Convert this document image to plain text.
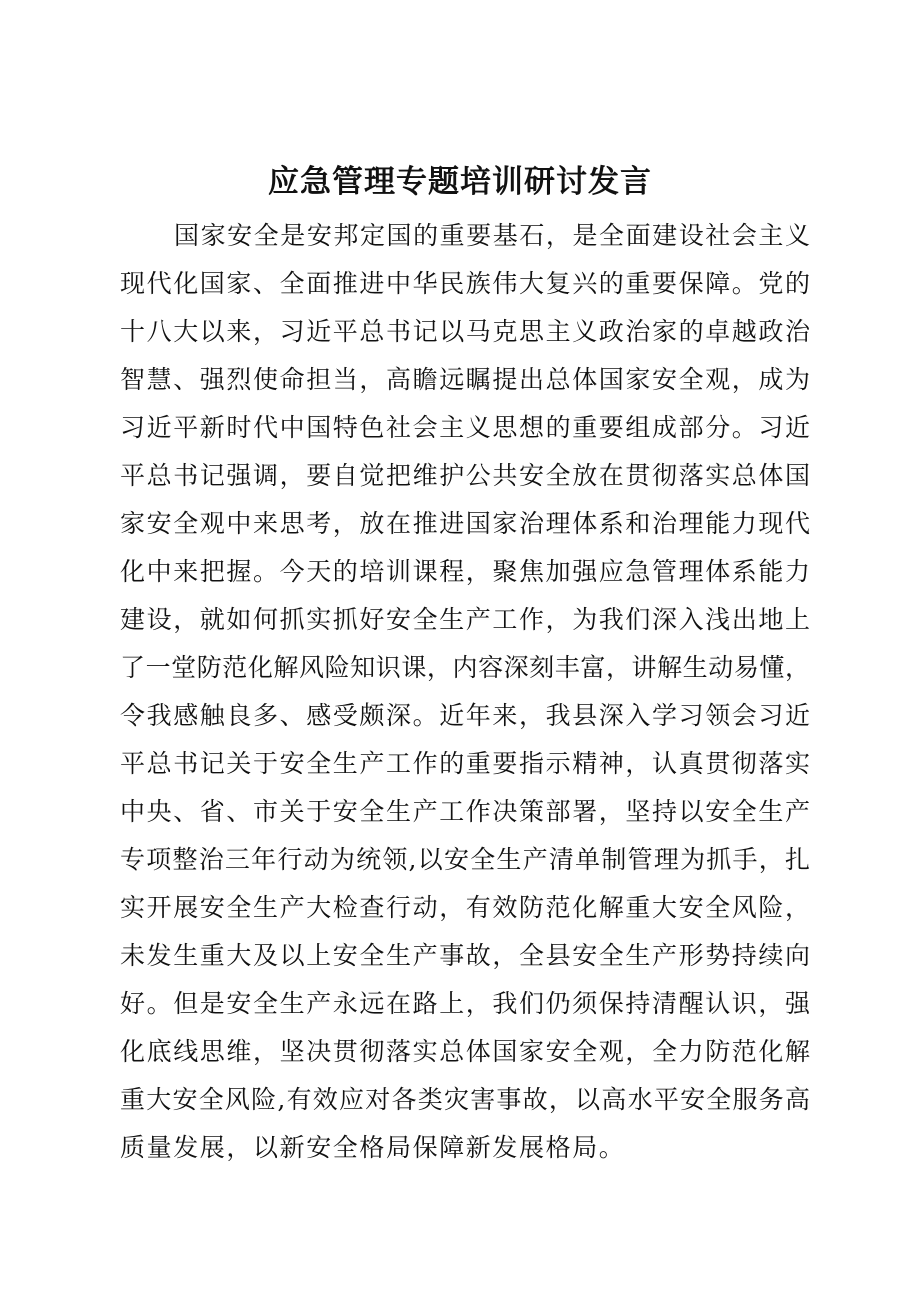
应急管理专题培训研讨发言
国家安全是安邦定国的重要基石，是全面建设社会主义
现代化国家、全面推进中华民族伟大复兴的重要保障。党的
十八大以来，习近平总书记以马克思主义政治家的卓越政治
智慧、强烈使命担当，高瞻远瞩提出总体国家安全观，成为
习近平新时代中国特色社会主义思想的重要组成部分。习近
平总书记强调，要自觉把维护公共安全放在贯彻落实总体国
家安全观中来思考，放在推进国家治理体系和治理能力现代
化中来把握。今天的培训课程，聚焦加强应急管理体系能力
建设，就如何抓实抓好安全生产工作，为我们深入浅出地上
了一堂防范化解风险知识课，内容深刻丰富，讲解生动易懂，
令我感触良多、感受颇深。近年来，我县深入学习领会习近
平总书记关于安全生产工作的重要指示精神，认真贯彻落实
中央、省、市关于安全生产工作决策部署，坚持以安全生产
专项整治三年行动为统领,以安全生产清单制管理为抓手，扎
实开展安全生产大检查行动，有效防范化解重大安全风险，
未发生重大及以上安全生产事故，全县安全生产形势持续向
好。但是安全生产永远在路上，我们仍须保持清醒认识，强
化底线思维，坚决贯彻落实总体国家安全观，全力防范化解
重大安全风险,有效应对各类灾害事故，以高水平安全服务高
质量发展，以新安全格局保障新发展格局。
